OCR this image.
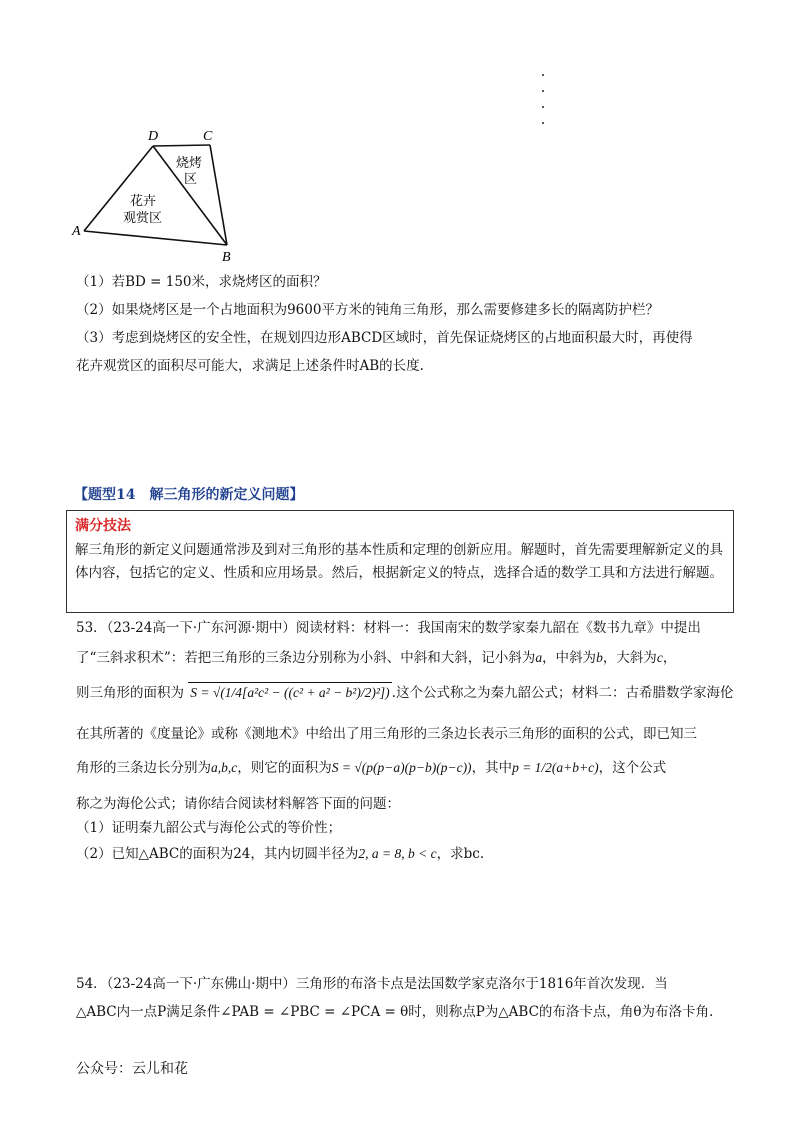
D	C
A
B
烧烤
区
花卉
观赏区
（1）若BD = 150米，求烧烤区的面积？
（2）如果烧烤区是一个占地面积为9600平方米的钝角三角形，那么需要修建多长的隔离防护栏？
（3）考虑到烧烤区的安全性，在规划四边形ABCD区域时，首先保证烧烤区的占地面积最大时，再使得
花卉观赏区的面积尽可能大，求满足上述条件时AB的长度.
【题型14　解三角形的新定义问题】
满分技法
解三角形的新定义问题通常涉及到对三角形的基本性质和定理的创新应用。解题时，首先需要理解新定义的具体内容，包括它的定义、性质和应用场景。然后，根据新定义的特点，选择合适的数学工具和方法进行解题。
53．（23-24高一下·广东河源·期中）阅读材料：材料一：我国南宋的数学家秦九韶在《数书九章》中提出
了“三斜求积术”：若把三角形的三条边分别称为小斜、中斜和大斜，记小斜为a，中斜为b，大斜为c，
则三角形的面积为 S = √(1/4[a²c² − ((c² + a² − b²)/2)²]) .这个公式称之为秦九韶公式；材料二：古希腊数学家海伦
在其所著的《度量论》或称《测地术》中给出了用三角形的三条边长表示三角形的面积的公式，即已知三
角形的三条边长分别为a,b,c，则它的面积为S = √(p(p−a)(p−b)(p−c))，其中p = 1/2(a+b+c)，这个公式
称之为海伦公式；请你结合阅读材料解答下面的问题：
（1）证明秦九韶公式与海伦公式的等价性；
（2）已知△ABC的面积为24，其内切圆半径为2, a = 8, b < c，求bc.
54．（23-24高一下·广东佛山·期中）三角形的布洛卡点是法国数学家克洛尔于1816年首次发现．当
△ABC内一点P满足条件∠PAB = ∠PBC = ∠PCA = θ时，则称点P为△ABC的布洛卡点，角θ为布洛卡角.
公众号：云儿和花
